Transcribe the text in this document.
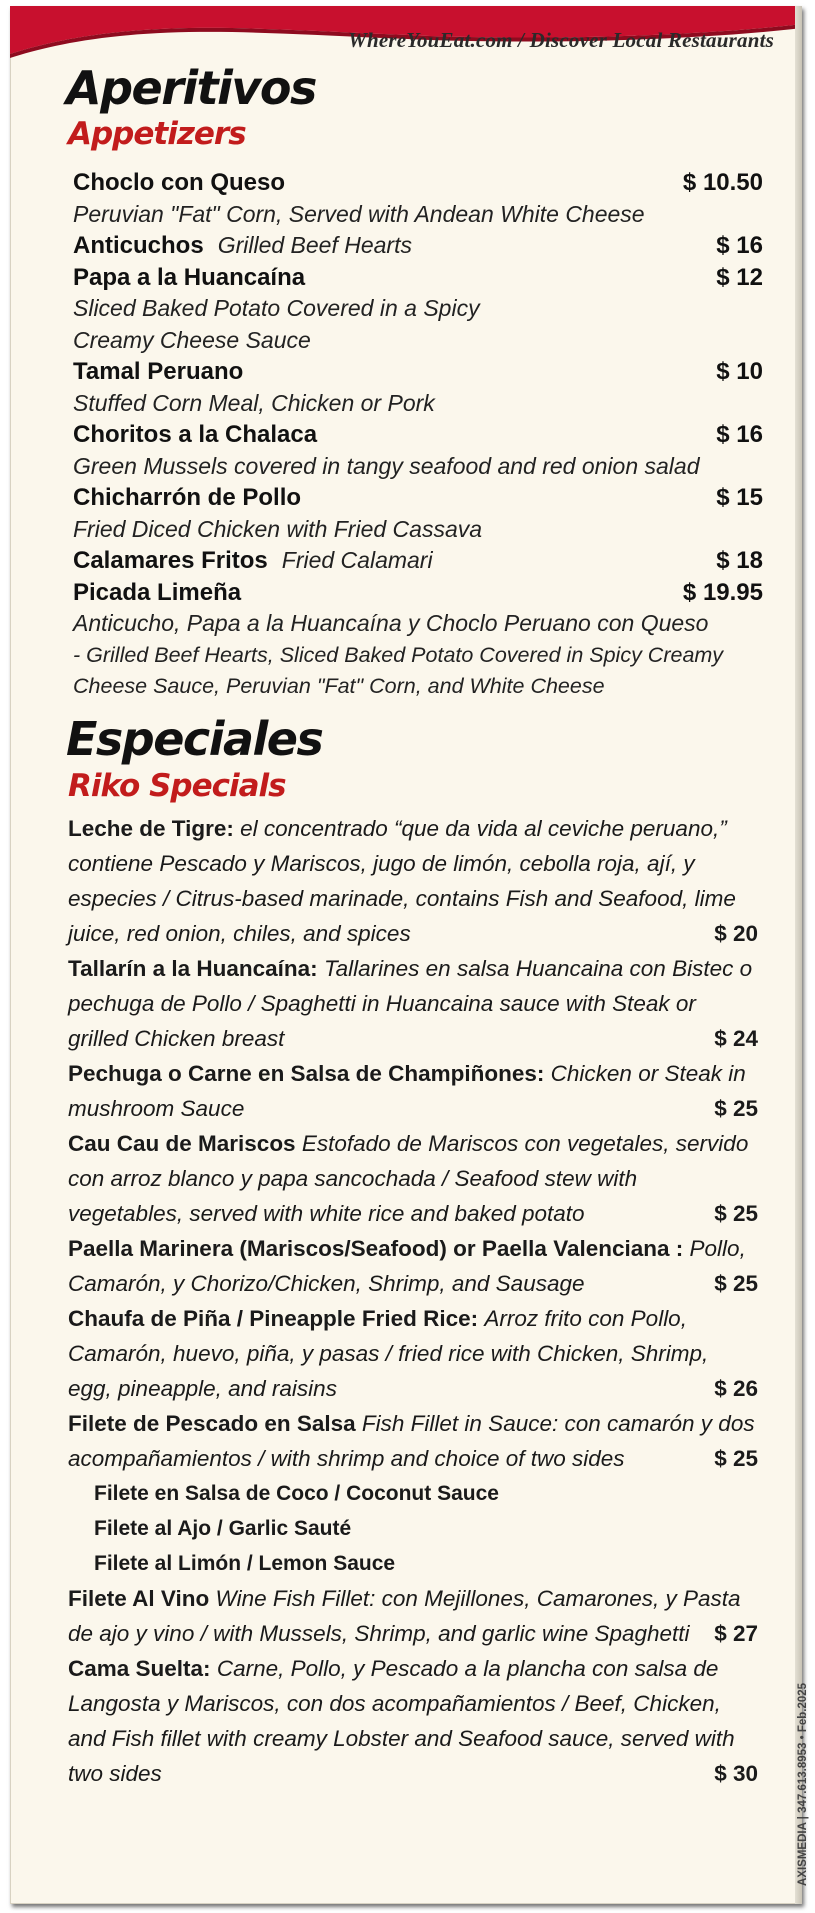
WhereYouEat.com / Discover Local Restaurants
Aperitivos
Appetizers
Choclo con Queso	$ 10.50
Peruvian "Fat" Corn, Served with Andean White Cheese
Anticuchos Grilled Beef Hearts	$ 16
Papa a la Huancaína	$ 12
Sliced Baked Potato Covered in a Spicy
Creamy Cheese Sauce
Tamal Peruano	$ 10
Stuffed Corn Meal, Chicken or Pork
Choritos a la Chalaca	$ 16
Green Mussels covered in tangy seafood and red onion salad
Chicharrón de Pollo	$ 15
Fried Diced Chicken with Fried Cassava
Calamares Fritos Fried Calamari	$ 18
Picada Limeña	$ 19.95
Anticucho, Papa a la Huancaína y Choclo Peruano con Queso
- Grilled Beef Hearts, Sliced Baked Potato Covered in Spicy Creamy
Cheese Sauce, Peruvian "Fat" Corn, and White Cheese
Especiales
Riko Specials

Leche de Tigre: el concentrado “que da vida al ceviche peruano,” contiene Pescado y Mariscos, jugo de limón, cebolla roja, ají, y especies / Citrus-based marinade, contains Fish and Seafood, lime juice, red onion, chiles, and spices	$ 20

Tallarín a la Huancaína: Tallarines en salsa Huancaina con Bistec o pechuga de Pollo / Spaghetti in Huancaina sauce with Steak or grilled Chicken breast	$ 24

Pechuga o Carne en Salsa de Champiñones: Chicken or Steak in mushroom Sauce	$ 25

Cau Cau de Mariscos Estofado de Mariscos con vegetales, servido con arroz blanco y papa sancochada / Seafood stew with vegetables, served with white rice and baked potato	$ 25

Paella Marinera (Mariscos/Seafood) or Paella Valenciana : Pollo, Camarón, y Chorizo/Chicken, Shrimp, and Sausage	$ 25

Chaufa de Piña / Pineapple Fried Rice: Arroz frito con Pollo, Camarón, huevo, piña, y pasas / fried rice with Chicken, Shrimp, egg, pineapple, and raisins	$ 26

Filete de Pescado en Salsa Fish Fillet in Sauce: con camarón y dos acompañamientos / with shrimp and choice of two sides	$ 25

Filete en Salsa de Coco / Coconut Sauce
Filete al Ajo / Garlic Sauté
Filete al Limón / Lemon Sauce

Filete Al Vino Wine Fish Fillet: con Mejillones, Camarones, y Pasta de ajo y vino / with Mussels, Shrimp, and garlic wine Spaghetti $ 27

Cama Suelta: Carne, Pollo, y Pescado a la plancha con salsa de Langosta y Mariscos, con dos acompañamientos / Beef, Chicken, and Fish fillet with creamy Lobster and Seafood sauce, served with two sides	$ 30	AXISMEDIA | 347.613.8953 • Feb.2025
